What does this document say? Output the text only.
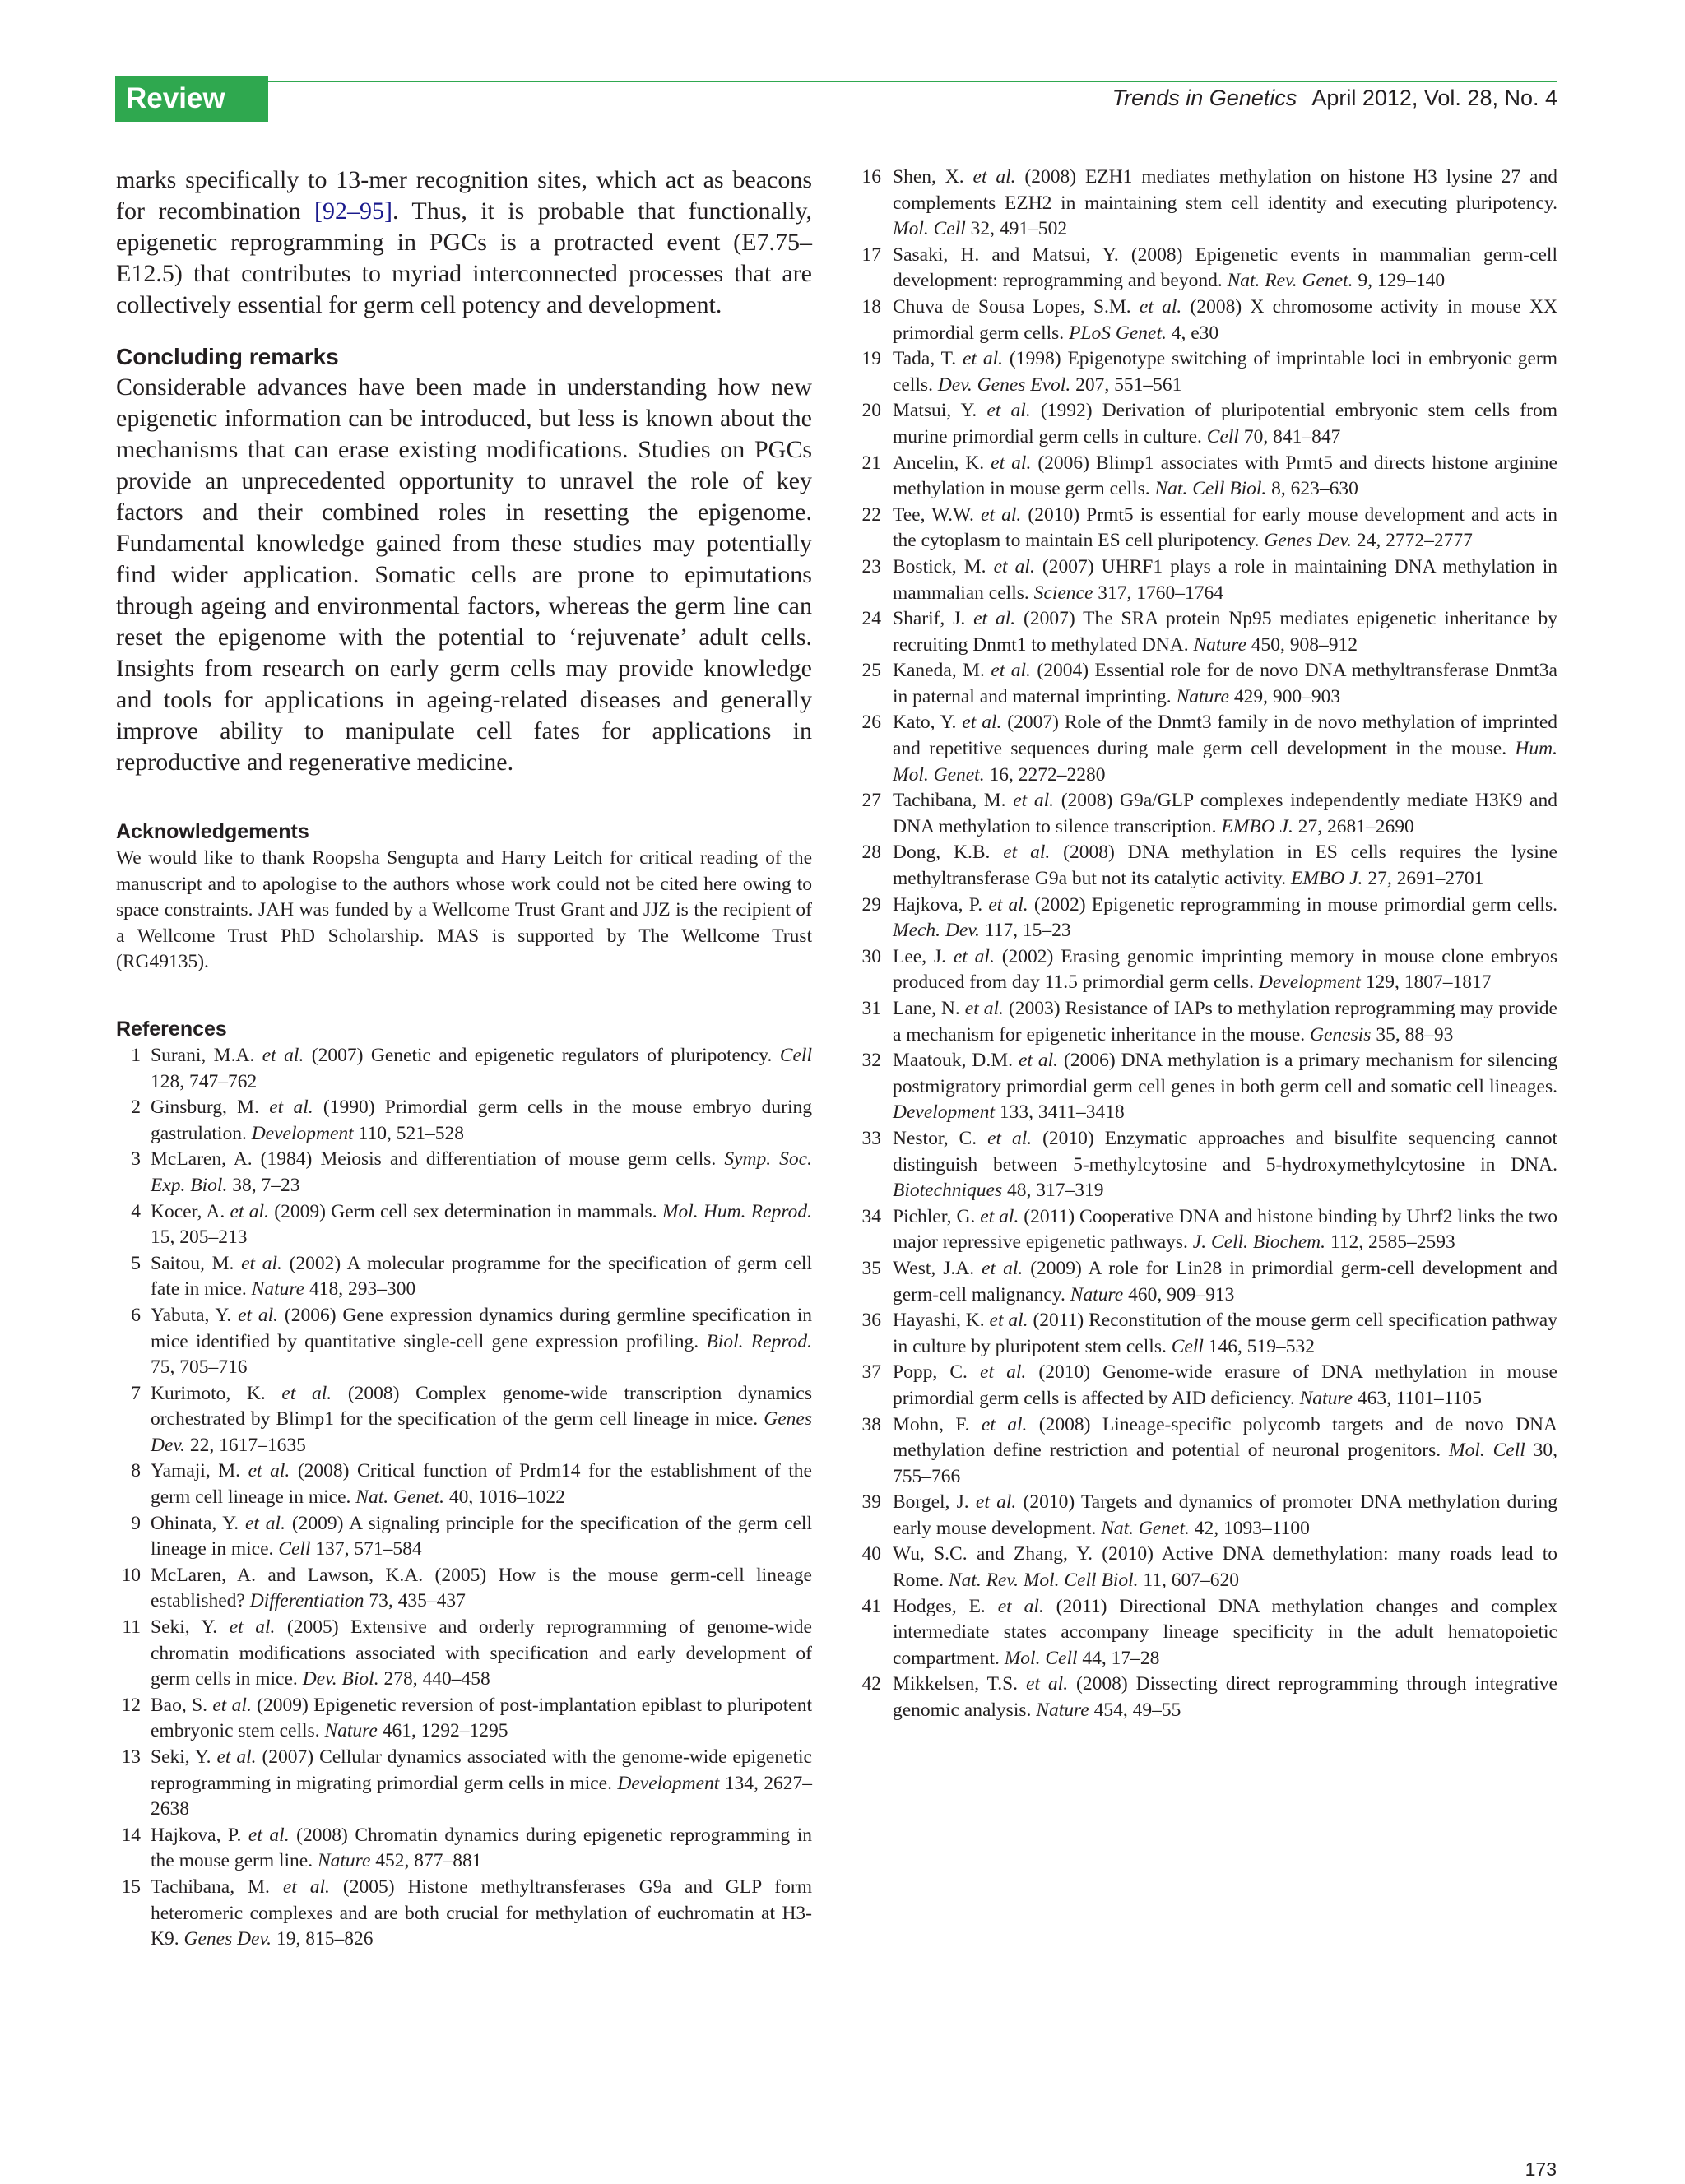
Review	Trends in Genetics April 2012, Vol. 28, No. 4

marks specifically to 13-mer recognition sites, which act as beacons for recombination [92–95]. Thus, it is probable that functionally, epigenetic reprogramming in PGCs is a protracted event (E7.75–E12.5) that contributes to myriad interconnected processes that are collectively essential for germ cell potency and development.

Concluding remarks

Considerable advances have been made in understanding how new epigenetic information can be introduced, but less is known about the mechanisms that can erase existing modifications. Studies on PGCs provide an unprecedented opportunity to unravel the role of key factors and their combined roles in resetting the epigenome. Fundamental knowledge gained from these studies may potentially find wider application. Somatic cells are prone to epimutations through ageing and environmental factors, whereas the germ line can reset the epigenome with the potential to ‘rejuvenate’ adult cells. Insights from research on early germ cells may provide knowledge and tools for applications in ageing-related diseases and generally improve ability to manipulate cell fates for applications in reproductive and regenerative medicine.

Acknowledgements

We would like to thank Roopsha Sengupta and Harry Leitch for critical reading of the manuscript and to apologise to the authors whose work could not be cited here owing to space constraints. JAH was funded by a Wellcome Trust Grant and JJZ is the recipient of a Wellcome Trust PhD Scholarship. MAS is supported by The Wellcome Trust (RG49135).

References
1 Surani, M.A. et al. (2007) Genetic and epigenetic regulators of pluripotency. Cell 128, 747–762
2 Ginsburg, M. et al. (1990) Primordial germ cells in the mouse embryo during gastrulation. Development 110, 521–528
3 McLaren, A. (1984) Meiosis and differentiation of mouse germ cells. Symp. Soc. Exp. Biol. 38, 7–23
4 Kocer, A. et al. (2009) Germ cell sex determination in mammals. Mol. Hum. Reprod. 15, 205–213
5 Saitou, M. et al. (2002) A molecular programme for the specification of germ cell fate in mice. Nature 418, 293–300
6 Yabuta, Y. et al. (2006) Gene expression dynamics during germline specification in mice identified by quantitative single-cell gene expression profiling. Biol. Reprod. 75, 705–716
7 Kurimoto, K. et al. (2008) Complex genome-wide transcription dynamics orchestrated by Blimp1 for the specification of the germ cell lineage in mice. Genes Dev. 22, 1617–1635
8 Yamaji, M. et al. (2008) Critical function of Prdm14 for the establishment of the germ cell lineage in mice. Nat. Genet. 40, 1016–1022
9 Ohinata, Y. et al. (2009) A signaling principle for the specification of the germ cell lineage in mice. Cell 137, 571–584
10 McLaren, A. and Lawson, K.A. (2005) How is the mouse germ-cell lineage established? Differentiation 73, 435–437
11 Seki, Y. et al. (2005) Extensive and orderly reprogramming of genome-wide chromatin modifications associated with specification and early development of germ cells in mice. Dev. Biol. 278, 440–458
12 Bao, S. et al. (2009) Epigenetic reversion of post-implantation epiblast to pluripotent embryonic stem cells. Nature 461, 1292–1295
13 Seki, Y. et al. (2007) Cellular dynamics associated with the genome-wide epigenetic reprogramming in migrating primordial germ cells in mice. Development 134, 2627–2638
14 Hajkova, P. et al. (2008) Chromatin dynamics during epigenetic reprogramming in the mouse germ line. Nature 452, 877–881
15 Tachibana, M. et al. (2005) Histone methyltransferases G9a and GLP form heteromeric complexes and are both crucial for methylation of euchromatin at H3-K9. Genes Dev. 19, 815–826
16 Shen, X. et al. (2008) EZH1 mediates methylation on histone H3 lysine 27 and complements EZH2 in maintaining stem cell identity and executing pluripotency. Mol. Cell 32, 491–502
17 Sasaki, H. and Matsui, Y. (2008) Epigenetic events in mammalian germ-cell development: reprogramming and beyond. Nat. Rev. Genet. 9, 129–140
18 Chuva de Sousa Lopes, S.M. et al. (2008) X chromosome activity in mouse XX primordial germ cells. PLoS Genet. 4, e30
19 Tada, T. et al. (1998) Epigenotype switching of imprintable loci in embryonic germ cells. Dev. Genes Evol. 207, 551–561
20 Matsui, Y. et al. (1992) Derivation of pluripotential embryonic stem cells from murine primordial germ cells in culture. Cell 70, 841–847
21 Ancelin, K. et al. (2006) Blimp1 associates with Prmt5 and directs histone arginine methylation in mouse germ cells. Nat. Cell Biol. 8, 623–630
22 Tee, W.W. et al. (2010) Prmt5 is essential for early mouse development and acts in the cytoplasm to maintain ES cell pluripotency. Genes Dev. 24, 2772–2777
23 Bostick, M. et al. (2007) UHRF1 plays a role in maintaining DNA methylation in mammalian cells. Science 317, 1760–1764
24 Sharif, J. et al. (2007) The SRA protein Np95 mediates epigenetic inheritance by recruiting Dnmt1 to methylated DNA. Nature 450, 908–912
25 Kaneda, M. et al. (2004) Essential role for de novo DNA methyltransferase Dnmt3a in paternal and maternal imprinting. Nature 429, 900–903
26 Kato, Y. et al. (2007) Role of the Dnmt3 family in de novo methylation of imprinted and repetitive sequences during male germ cell development in the mouse. Hum. Mol. Genet. 16, 2272–2280
27 Tachibana, M. et al. (2008) G9a/GLP complexes independently mediate H3K9 and DNA methylation to silence transcription. EMBO J. 27, 2681–2690
28 Dong, K.B. et al. (2008) DNA methylation in ES cells requires the lysine methyltransferase G9a but not its catalytic activity. EMBO J. 27, 2691–2701
29 Hajkova, P. et al. (2002) Epigenetic reprogramming in mouse primordial germ cells. Mech. Dev. 117, 15–23
30 Lee, J. et al. (2002) Erasing genomic imprinting memory in mouse clone embryos produced from day 11.5 primordial germ cells. Development 129, 1807–1817
31 Lane, N. et al. (2003) Resistance of IAPs to methylation reprogramming may provide a mechanism for epigenetic inheritance in the mouse. Genesis 35, 88–93
32 Maatouk, D.M. et al. (2006) DNA methylation is a primary mechanism for silencing postmigratory primordial germ cell genes in both germ cell and somatic cell lineages. Development 133, 3411–3418
33 Nestor, C. et al. (2010) Enzymatic approaches and bisulfite sequencing cannot distinguish between 5-methylcytosine and 5-hydroxymethylcytosine in DNA. Biotechniques 48, 317–319
34 Pichler, G. et al. (2011) Cooperative DNA and histone binding by Uhrf2 links the two major repressive epigenetic pathways. J. Cell. Biochem. 112, 2585–2593
35 West, J.A. et al. (2009) A role for Lin28 in primordial germ-cell development and germ-cell malignancy. Nature 460, 909–913
36 Hayashi, K. et al. (2011) Reconstitution of the mouse germ cell specification pathway in culture by pluripotent stem cells. Cell 146, 519–532
37 Popp, C. et al. (2010) Genome-wide erasure of DNA methylation in mouse primordial germ cells is affected by AID deficiency. Nature 463, 1101–1105
38 Mohn, F. et al. (2008) Lineage-specific polycomb targets and de novo DNA methylation define restriction and potential of neuronal progenitors. Mol. Cell 30, 755–766
39 Borgel, J. et al. (2010) Targets and dynamics of promoter DNA methylation during early mouse development. Nat. Genet. 42, 1093–1100
40 Wu, S.C. and Zhang, Y. (2010) Active DNA demethylation: many roads lead to Rome. Nat. Rev. Mol. Cell Biol. 11, 607–620
41 Hodges, E. et al. (2011) Directional DNA methylation changes and complex intermediate states accompany lineage specificity in the adult hematopoietic compartment. Mol. Cell 44, 17–28
42 Mikkelsen, T.S. et al. (2008) Dissecting direct reprogramming through integrative genomic analysis. Nature 454, 49–55
173
